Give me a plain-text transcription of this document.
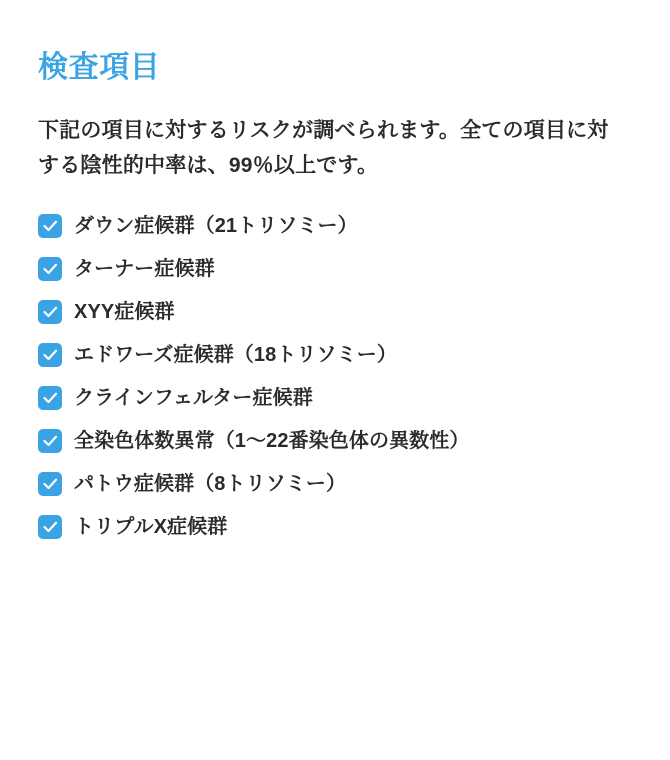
検査項目

下記の項目に対するリスクが調べられます。全ての項目に対する陰性的中率は、99％以上です。

ダウン症候群（21トリソミー）
ターナー症候群
XYY症候群
エドワーズ症候群（18トリソミー）
クラインフェルター症候群
全染色体数異常（1〜22番染色体の異数性）
パトウ症候群（8トリソミー）
トリプルX症候群
